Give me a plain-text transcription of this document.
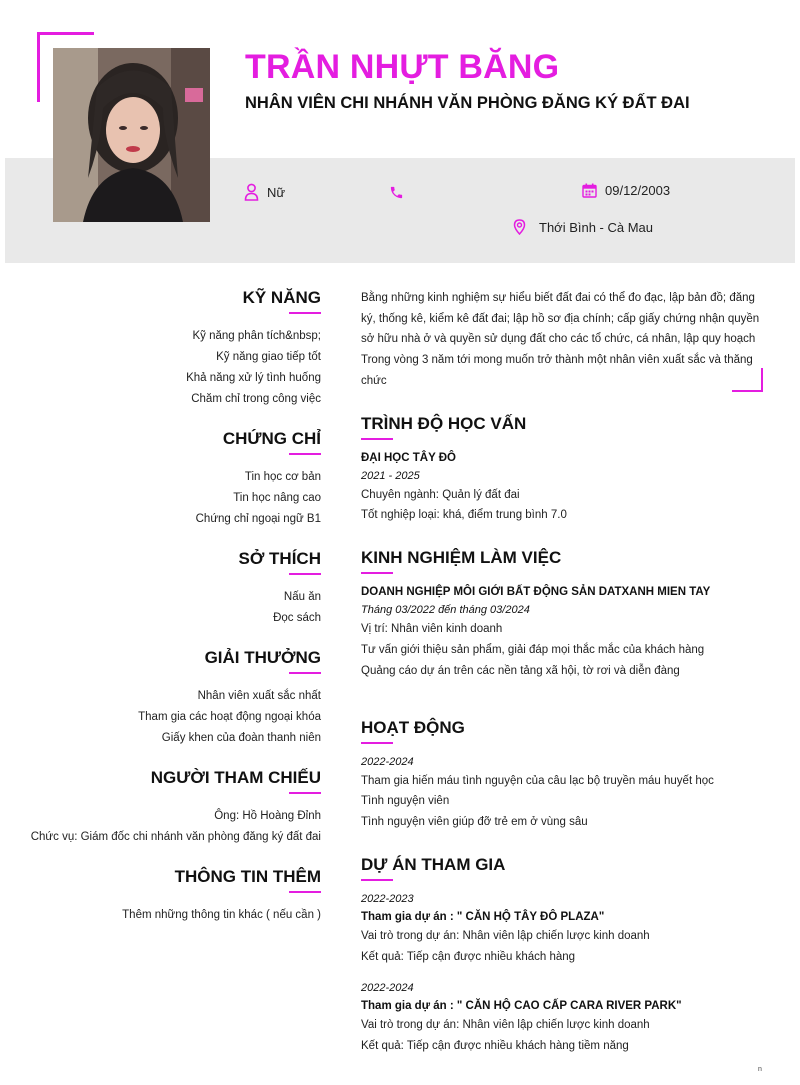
TRẦN NHỰT BĂNG
NHÂN VIÊN CHI NHÁNH VĂN PHÒNG ĐĂNG KÝ ĐẤT ĐAI
Nữ	09/12/2003
Thới Bình - Cà Mau
KỸ NĂNG
Kỹ năng phân tích&nbsp;
Kỹ năng giao tiếp tốt
Khả năng xử lý tình huống
Chăm chỉ trong công việc
CHỨNG CHỈ
Tin học cơ bản
Tin học nâng cao
Chứng chỉ ngoại ngữ B1
SỞ THÍCH
Nấu ăn
Đọc sách
GIẢI THƯỞNG
Nhân viên xuất sắc nhất
Tham gia các hoạt động ngoại khóa
Giấy khen của đoàn thanh niên
NGƯỜI THAM CHIẾU
Ông: Hồ Hoàng Đỉnh
Chức vụ: Giám đốc chi nhánh văn phòng đăng ký đất đai
THÔNG TIN THÊM
Thêm những thông tin khác ( nếu cần )
Bằng những kinh nghiệm sự hiểu biết đất đai có thể đo đạc, lập bản đồ; đăng ký, thống kê, kiểm kê đất đai; lập hồ sơ địa chính; cấp giấy chứng nhận quyền sở hữu nhà ở và quyền sử dụng đất cho các tổ chức, cá nhân, lập quy hoạch
Trong vòng 3 năm tới mong muốn trở thành một nhân viên xuất sắc và thăng chức
TRÌNH ĐỘ HỌC VẤN
ĐẠI HỌC TÂY ĐÔ
2021 - 2025
Chuyên ngành: Quản lý đất đai
Tốt nghiệp loại: khá, điểm trung bình 7.0
KINH NGHIỆM LÀM VIỆC
DOANH NGHIỆP MÔI GIỚI BẤT ĐỘNG SẢN DATXANH MIEN TAY
Tháng 03/2022 đến tháng 03/2024
Vị trí: Nhân viên kinh doanh
Tư vấn giới thiệu sản phẩm, giải đáp mọi thắc mắc của khách hàng
Quảng cáo dự án trên các nền tảng xã hội, tờ rơi và diễn đàng
HOẠT ĐỘNG
2022-2024
Tham gia hiến máu tình nguyện của câu lạc bộ truyền máu huyết học
Tình nguyện viên
Tình nguyện viên giúp đỡ trẻ em ở vùng sâu
DỰ ÁN THAM GIA
2022-2023
Tham gia dự án : " CĂN HỘ TÂY ĐÔ PLAZA"
Vai trò trong dự án: Nhân viên lập chiến lược kinh doanh
Kết quả: Tiếp cận được nhiều khách hàng
2022-2024
Tham gia dự án : " CĂN HỘ CAO CẤP CARA RIVER PARK"
Vai trò trong dự án: Nhân viên lập chiến lược kinh doanh
Kết quả: Tiếp cận được nhiều khách hàng tiềm năng
n
